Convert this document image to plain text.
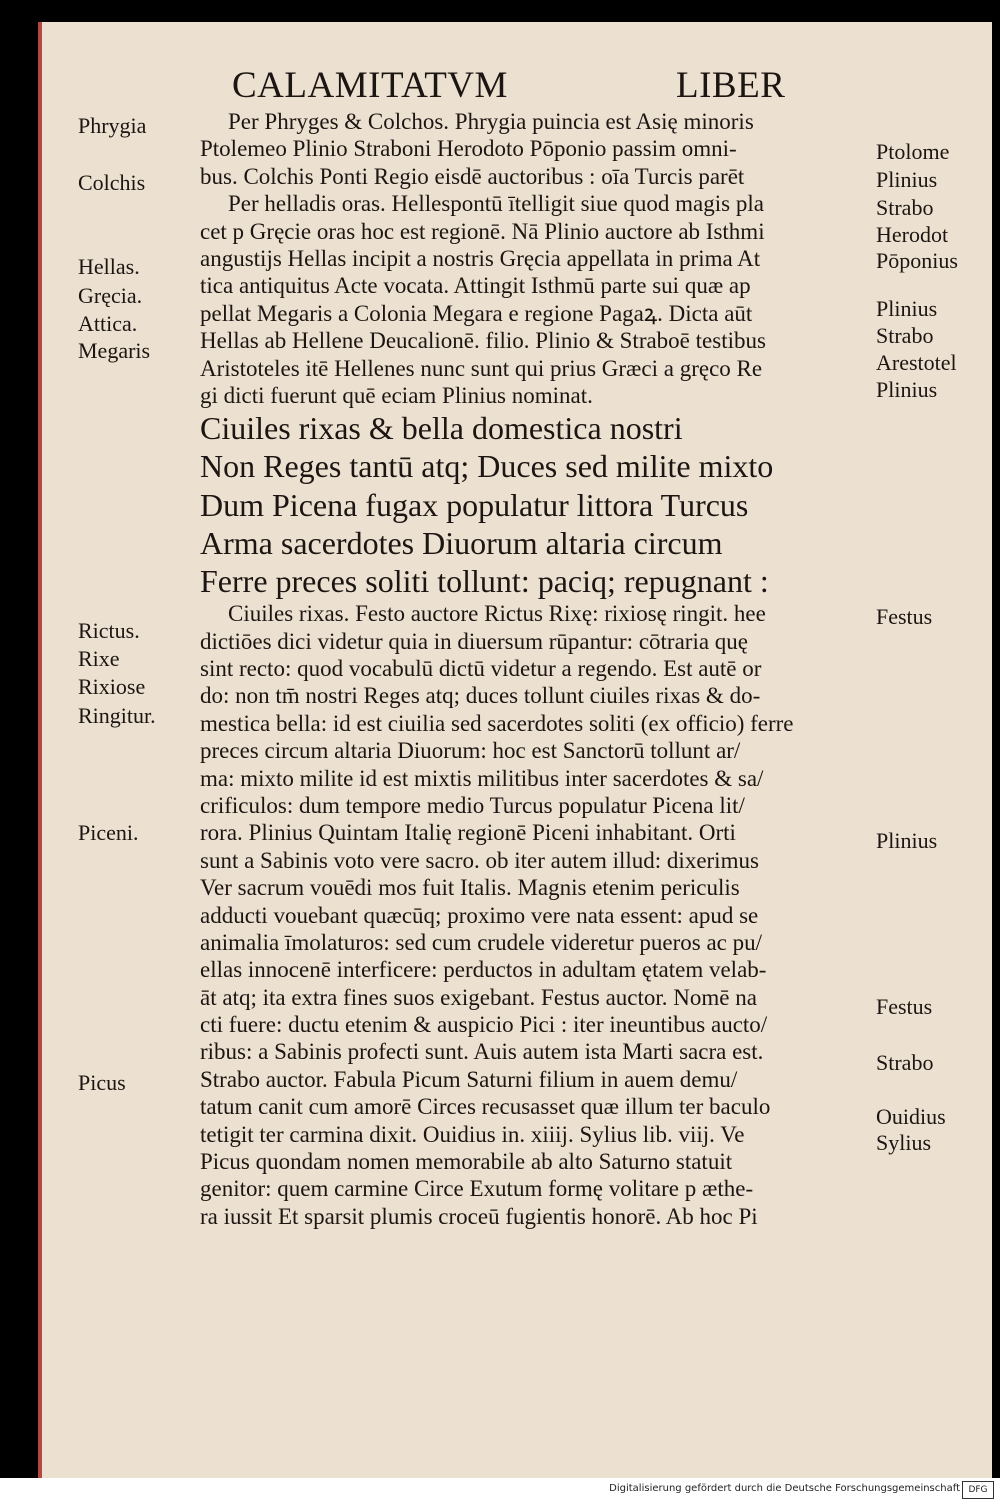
CALAMITATVM	LIBER
Per Phryges & Colchos. Phrygia puincia est Asię minoris
Ptolemeo Plinio Straboni Herodoto Pōponio passim omni-
bus. Colchis Ponti Regio eisdē auctoribus : oīa Turcis parēt
Per helladis oras. Hellespontū ītelligit siue quod magis pla
cet p Gręcie oras hoc est regionē. Nā Plinio auctore ab Isthmi
angustijs Hellas incipit a nostris Gręcia appellata in prima At
tica antiquitus Acte vocata. Attingit Isthmū parte sui quæ ap
pellat Megaris a Colonia Megara e regione Pagaꝝ. Dicta aūt
Hellas ab Hellene Deucalionē. filio. Plinio & Straboē testibus
Aristoteles itē Hellenes nunc sunt qui prius Græci a gręco Re
gi dicti fuerunt quē eciam Plinius nominat.
Ciuiles rixas & bella domestica nostri
Non Reges tantū atq; Duces sed milite mixto
Dum Picena fugax populatur littora Turcus
Arma sacerdotes Diuorum altaria circum
Ferre preces soliti tollunt: paciq; repugnant :
Ciuiles rixas. Festo auctore Rictus Rixę: rixiosę ringit. hee
dictiōes dici videtur quia in diuersum rūpantur: cōtraria quę
sint recto: quod vocabulū dictū videtur a regendo. Est autē or
do: non tm̄ nostri Reges atq; duces tollunt ciuiles rixas & do-
mestica bella: id est ciuilia sed sacerdotes soliti (ex officio) ferre
preces circum altaria Diuorum: hoc est Sanctorū tollunt ar/
ma: mixto milite id est mixtis militibus inter sacerdotes & sa/
crificulos: dum tempore medio Turcus populatur Picena lit/
rora. Plinius Quintam Italię regionē Piceni inhabitant. Orti
sunt a Sabinis voto vere sacro. ob iter autem illud: dixerimus
Ver sacrum vouēdi mos fuit Italis. Magnis etenim periculis
adducti vouebant quæcūq; proximo vere nata essent: apud se
animalia īmolaturos: sed cum crudele videretur pueros ac pu/
ellas innocenē interficere: perductos in adultam ętatem velab-
āt atq; ita extra fines suos exigebant. Festus auctor. Nomē na
cti fuere: ductu etenim & auspicio Pici : iter ineuntibus aucto/
ribus: a Sabinis profecti sunt. Auis autem ista Marti sacra est.
Strabo auctor. Fabula Picum Saturni filium in auem demu/
tatum canit cum amorē Circes recusasset quæ illum ter baculo
tetigit ter carmina dixit. Ouidius in. xiiij. Sylius lib. viij. Ve
Picus quondam nomen memorabile ab alto Saturno statuit
genitor: quem carmine Circe Exutum formę volitare p æthe-
ra iussit Et sparsit plumis croceū fugientis honorē. Ab hoc Pi
Phrygia
Colchis
Hellas.
Gręcia.
Attica.
Megaris
Rictus.
Rixe
Rixiose
Ringitur.
Piceni.
Picus
Ptolome
Plinius
Strabo
Herodot
Pōponius
Plinius
Strabo
Arestotel
Plinius
Festus
Plinius
Festus
Strabo
Ouidius
Sylius
Digitalisierung gefördert durch die Deutsche Forschungsgemeinschaft DFG
